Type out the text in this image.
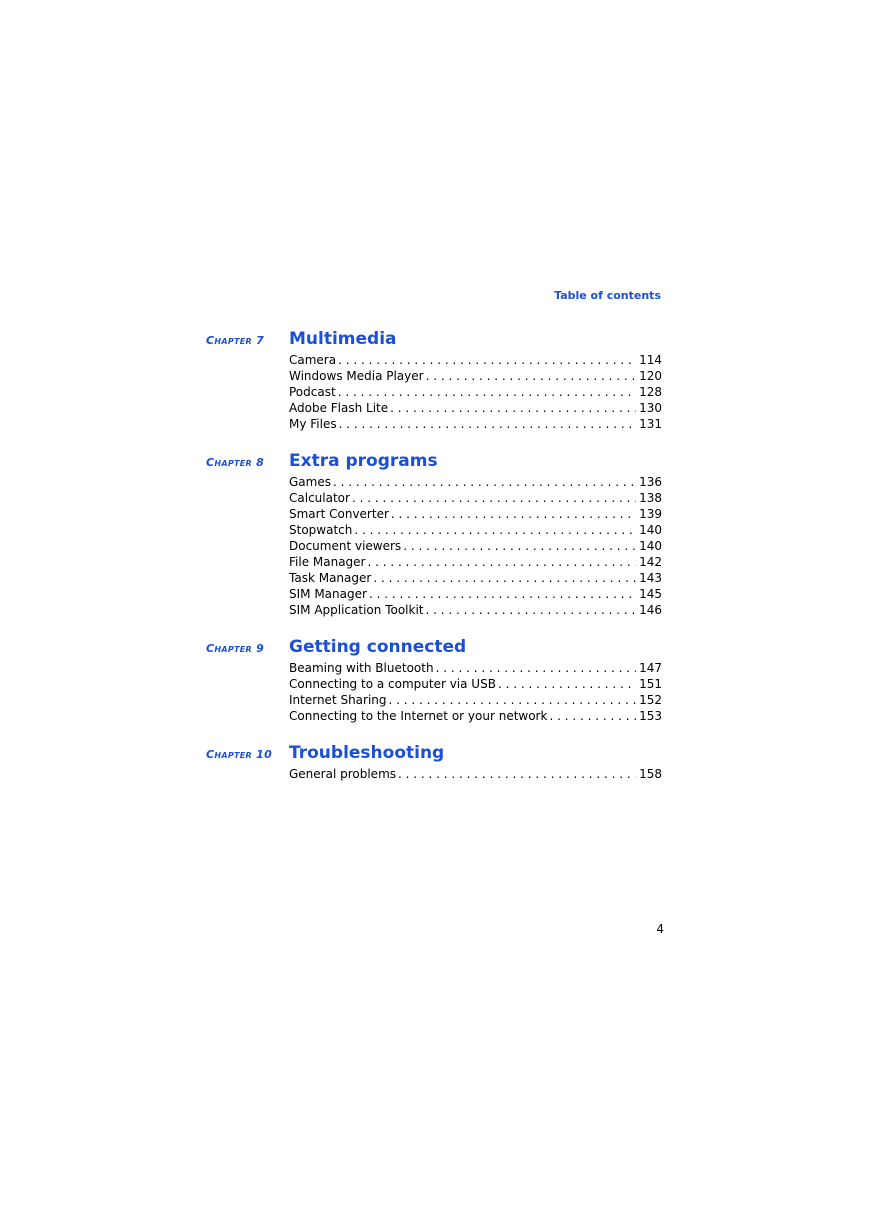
Table of contents
Chapter 7 Multimedia
Camera . . .	114
Windows Media Player . . .	120
Podcast . . .	128
Adobe Flash Lite . . .	130
My Files . . .	131
Chapter 8 Extra programs
Games . . .	136
Calculator . . .	138
Smart Converter . . .	139
Stopwatch . . .	140
Document viewers . . .	140
File Manager . . .	142
Task Manager . . .	143
SIM Manager . . .	145
SIM Application Toolkit . . .	146
Chapter 9 Getting connected
Beaming with Bluetooth . . .	147
Connecting to a computer via USB . . .	151
Internet Sharing . . .	152
Connecting to the Internet or your network . . .	153
Chapter 10 Troubleshooting
General problems . . .	158
4
